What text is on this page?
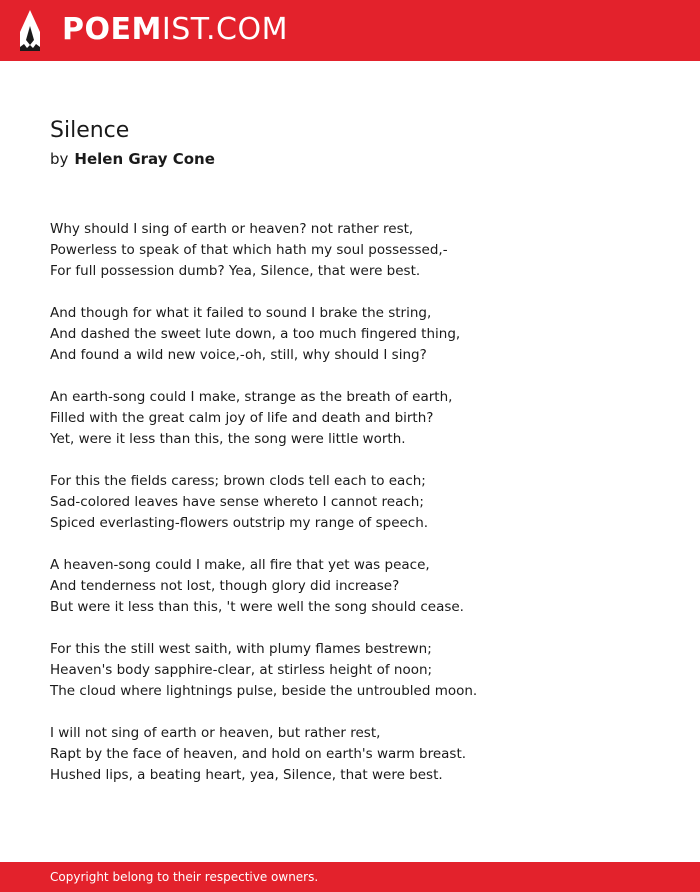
POEMIST.COM
Silence
by Helen Gray Cone
Why should I sing of earth or heaven? not rather rest,
Powerless to speak of that which hath my soul possessed,-
For full possession dumb? Yea, Silence, that were best.
And though for what it failed to sound I brake the string,
And dashed the sweet lute down, a too much fingered thing,
And found a wild new voice,-oh, still, why should I sing?
An earth-song could I make, strange as the breath of earth,
Filled with the great calm joy of life and death and birth?
Yet, were it less than this, the song were little worth.
For this the fields caress; brown clods tell each to each;
Sad-colored leaves have sense whereto I cannot reach;
Spiced everlasting-flowers outstrip my range of speech.
A heaven-song could I make, all fire that yet was peace,
And tenderness not lost, though glory did increase?
But were it less than this, 't were well the song should cease.
For this the still west saith, with plumy flames bestrewn;
Heaven's body sapphire-clear, at stirless height of noon;
The cloud where lightnings pulse, beside the untroubled moon.
I will not sing of earth or heaven, but rather rest,
Rapt by the face of heaven, and hold on earth's warm breast.
Hushed lips, a beating heart, yea, Silence, that were best.
Copyright belong to their respective owners.
